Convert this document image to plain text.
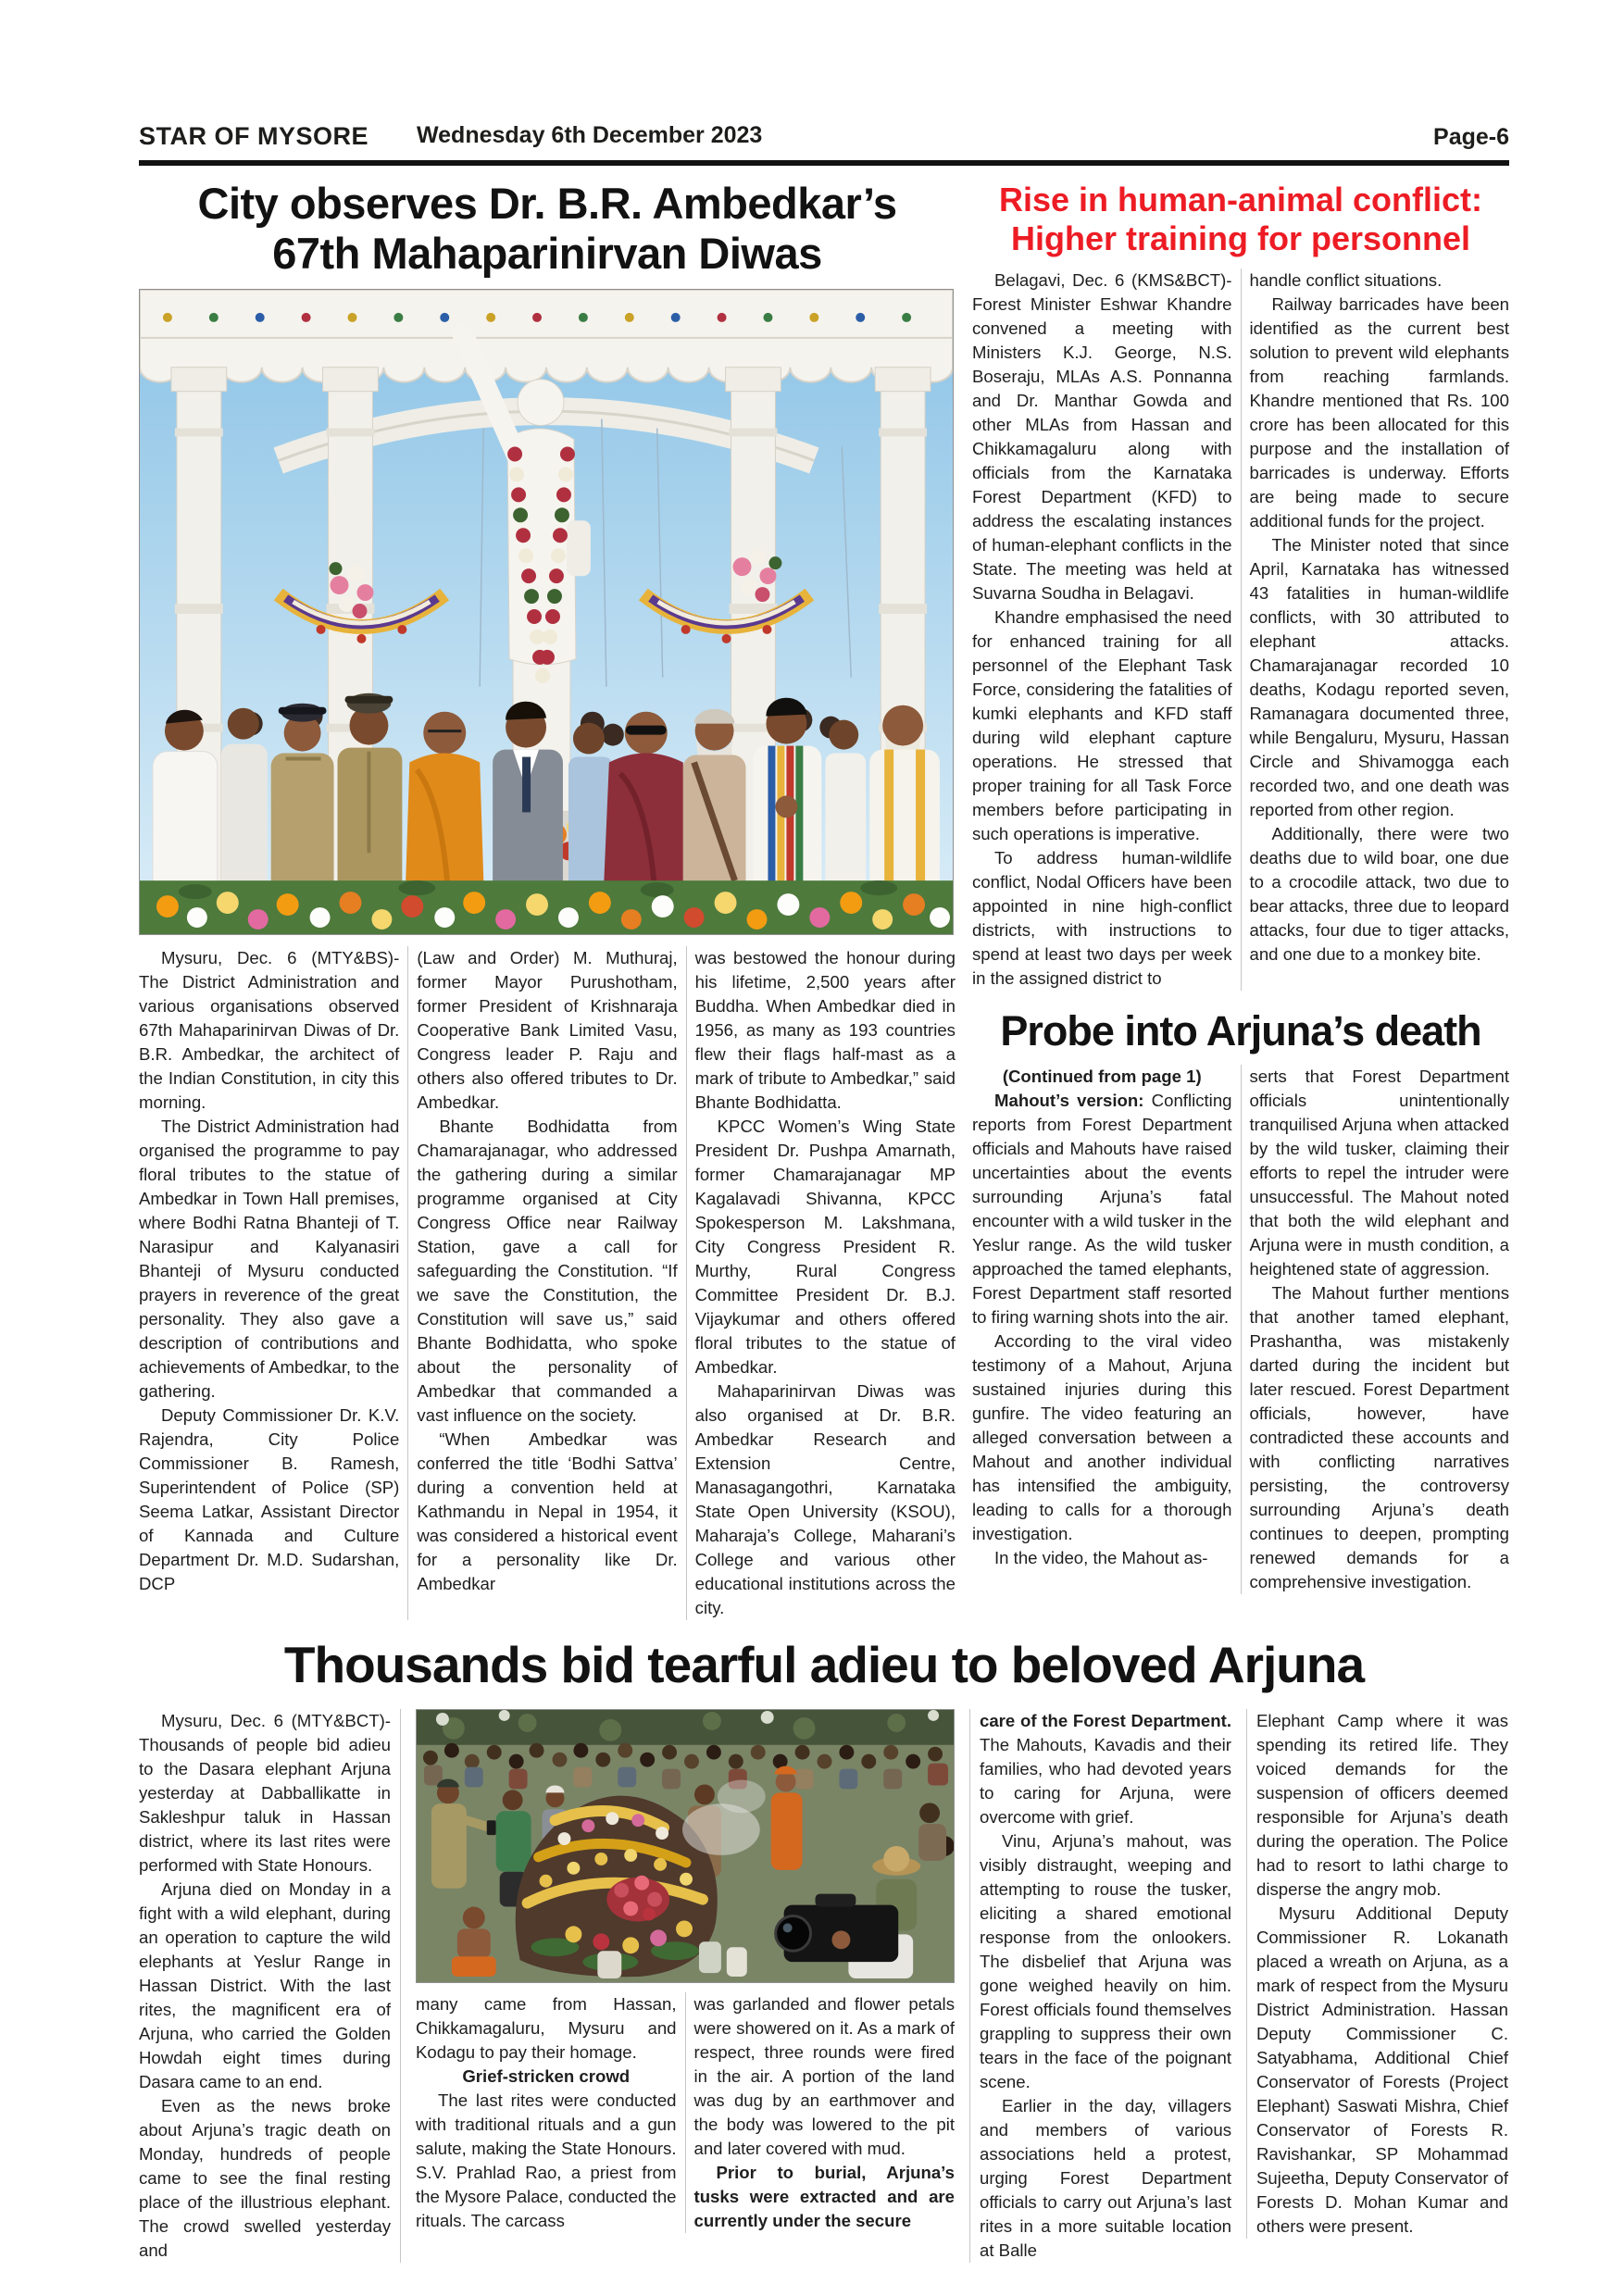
STAR OF MYSORE Wednesday 6th December 2023	Page-6
City observes Dr. B.R. Ambedkar’s
67th Mahaparinirvan Diwas

Mysuru, Dec. 6 (MTY&BS)- The District Administration and various organisations observed 67th Mahaparinirvan Diwas of Dr. B.R. Ambedkar, the architect of the Indian Constitution, in city this morning.

The District Administration had organised the programme to pay floral tributes to the statue of Ambedkar in Town Hall premises, where Bodhi Ratna Bhanteji of T. Narasipur and Kalyanasiri Bhanteji of Mysuru conducted prayers in reverence of the great personality. They also gave a description of contributions and achievements of Ambedkar, to the gathering.

Deputy Commissioner Dr. K.V. Rajendra, City Police Commissioner B. Ramesh, Superintendent of Police (SP) Seema Latkar, Assistant Director of Kannada and Culture Department Dr. M.D. Sudarshan, DCP

(Law and Order) M. Muthuraj, former Mayor Purushotham, former President of Krishnaraja Cooperative Bank Limited Vasu, Congress leader P. Raju and others also offered tributes to Dr. Ambedkar.

Bhante Bodhidatta from Chamarajanagar, who addressed the gathering during a similar programme organised at City Congress Office near Railway Station, gave a call for safeguarding the Constitution. “If we save the Constitution, the Constitution will save us,” said Bhante Bodhidatta, who spoke about the personality of Ambedkar that commanded a vast influence on the society.

“When Ambedkar was conferred the title ‘Bodhi Sattva’ during a convention held at Kathmandu in Nepal in 1954, it was considered a historical event for a personality like Dr. Ambedkar

was bestowed the honour during his lifetime, 2,500 years after Buddha. When Ambedkar died in 1956, as many as 193 countries flew their flags half-mast as a mark of tribute to Ambedkar,” said Bhante Bodhidatta.

KPCC Women’s Wing State President Dr. Pushpa Amarnath, former Chamarajanagar MP Kagalavadi Shivanna, KPCC Spokesperson M. Lakshmana, City Congress President R. Murthy, Rural Congress Committee President Dr. B.J. Vijaykumar and others offered floral tributes to the statue of Ambedkar.

Mahaparinirvan Diwas was also organised at Dr. B.R. Ambedkar Research and Extension Centre, Manasagangothri, Karnataka State Open University (KSOU), Maharaja’s College, Maharani’s College and various other educational institutions across the city.

Rise in human-animal conflict:
Higher training for personnel

Belagavi, Dec. 6 (KMS&BCT)- Forest Minister Eshwar Khandre convened a meeting with Ministers K.J. George, N.S. Boseraju, MLAs A.S. Ponnanna and Dr. Manthar Gowda and other MLAs from Hassan and Chikkamagaluru along with officials from the Karnataka Forest Department (KFD) to address the escalating instances of human-elephant conflicts in the State. The meeting was held at Suvarna Soudha in Belagavi.

Khandre emphasised the need for enhanced training for all personnel of the Elephant Task Force, considering the fatalities of kumki elephants and KFD staff during wild elephant capture operations. He stressed that proper training for all Task Force members before participating in such operations is imperative.

To address human-wildlife conflict, Nodal Officers have been appointed in nine high-conflict districts, with instructions to spend at least two days per week in the assigned district to

handle conflict situations.

Railway barricades have been identified as the current best solution to prevent wild elephants from reaching farmlands. Khandre mentioned that Rs. 100 crore has been allocated for this purpose and the installation of barricades is underway. Efforts are being made to secure additional funds for the project.

The Minister noted that since April, Karnataka has witnessed 43 fatalities in human-wildlife conflicts, with 30 attributed to elephant attacks. Chamarajanagar recorded 10 deaths, Kodagu reported seven, Ramanagara documented three, while Bengaluru, Mysuru, Hassan Circle and Shivamogga each recorded two, and one death was reported from other region.

Additionally, there were two deaths due to wild boar, one due to a crocodile attack, two due to bear attacks, three due to leopard attacks, four due to tiger attacks, and one due to a monkey bite.

Probe into Arjuna’s death

(Continued from page 1)

Mahout’s version: Conflicting reports from Forest Department officials and Mahouts have raised uncertainties about the events surrounding Arjuna’s fatal encounter with a wild tusker in the Yeslur range. As the wild tusker approached the tamed elephants, Forest Department staff resorted to firing warning shots into the air.

According to the viral video testimony of a Mahout, Arjuna sustained injuries during this gunfire. The video featuring an alleged conversation between a Mahout and another individual has intensified the ambiguity, leading to calls for a thorough investigation.

In the video, the Mahout as-

serts that Forest Department officials unintentionally tranquilised Arjuna when attacked by the wild tusker, claiming their efforts to repel the intruder were unsuccessful. The Mahout noted that both the wild elephant and Arjuna were in musth condition, a heightened state of aggression.

The Mahout further mentions that another tamed elephant, Prashantha, was mistakenly darted during the incident but later rescued. Forest Department officials, however, have contradicted these accounts and with conflicting narratives persisting, the controversy surrounding Arjuna’s death continues to deepen, prompting renewed demands for a comprehensive investigation.

Thousands bid tearful adieu to beloved Arjuna

Mysuru, Dec. 6 (MTY&BCT)- Thousands of people bid adieu to the Dasara elephant Arjuna yesterday at Dabballikatte in Sakleshpur taluk in Hassan district, where its last rites were performed with State Honours.

Arjuna died on Monday in a fight with a wild elephant, during an operation to capture the wild elephants at Yeslur Range in Hassan District. With the last rites, the magnificent era of Arjuna, who carried the Golden Howdah eight times during Dasara came to an end.

Even as the news broke about Arjuna’s tragic death on Monday, hundreds of people came to see the final resting place of the illustrious elephant. The crowd swelled yesterday and

many came from Hassan, Chikkamagaluru, Mysuru and Kodagu to pay their homage.

Grief-stricken crowd

The last rites were conducted with traditional rituals and a gun salute, making the State Honours. S.V. Prahlad Rao, a priest from the Mysore Palace, conducted the rituals. The carcass

was garlanded and flower petals were showered on it. As a mark of respect, three rounds were fired in the air. A portion of the land was dug by an earthmover and the body was lowered to the pit and later covered with mud.

Prior to burial, Arjuna’s tusks were extracted and are currently under the secure

care of the Forest Department. The Mahouts, Kavadis and their families, who had devoted years to caring for Arjuna, were overcome with grief.

Vinu, Arjuna’s mahout, was visibly distraught, weeping and attempting to rouse the tusker, eliciting a shared emotional response from the onlookers. The disbelief that Arjuna was gone weighed heavily on him. Forest officials found themselves grappling to suppress their own tears in the face of the poignant scene.

Earlier in the day, villagers and members of various associations held a protest, urging Forest Department officials to carry out Arjuna’s last rites in a more suitable location at Balle

Elephant Camp where it was spending its retired life. They voiced demands for the suspension of officers deemed responsible for Arjuna’s death during the operation. The Police had to resort to lathi charge to disperse the angry mob.

Mysuru Additional Deputy Commissioner R. Lokanath placed a wreath on Arjuna, as a mark of respect from the Mysuru District Administration. Hassan Deputy Commissioner C. Satyabhama, Additional Chief Conservator of Forests (Project Elephant) Saswati Mishra, Chief Conservator of Forests R. Ravishankar, SP Mohammad Sujeetha, Deputy Conservator of Forests D. Mohan Kumar and others were present.
